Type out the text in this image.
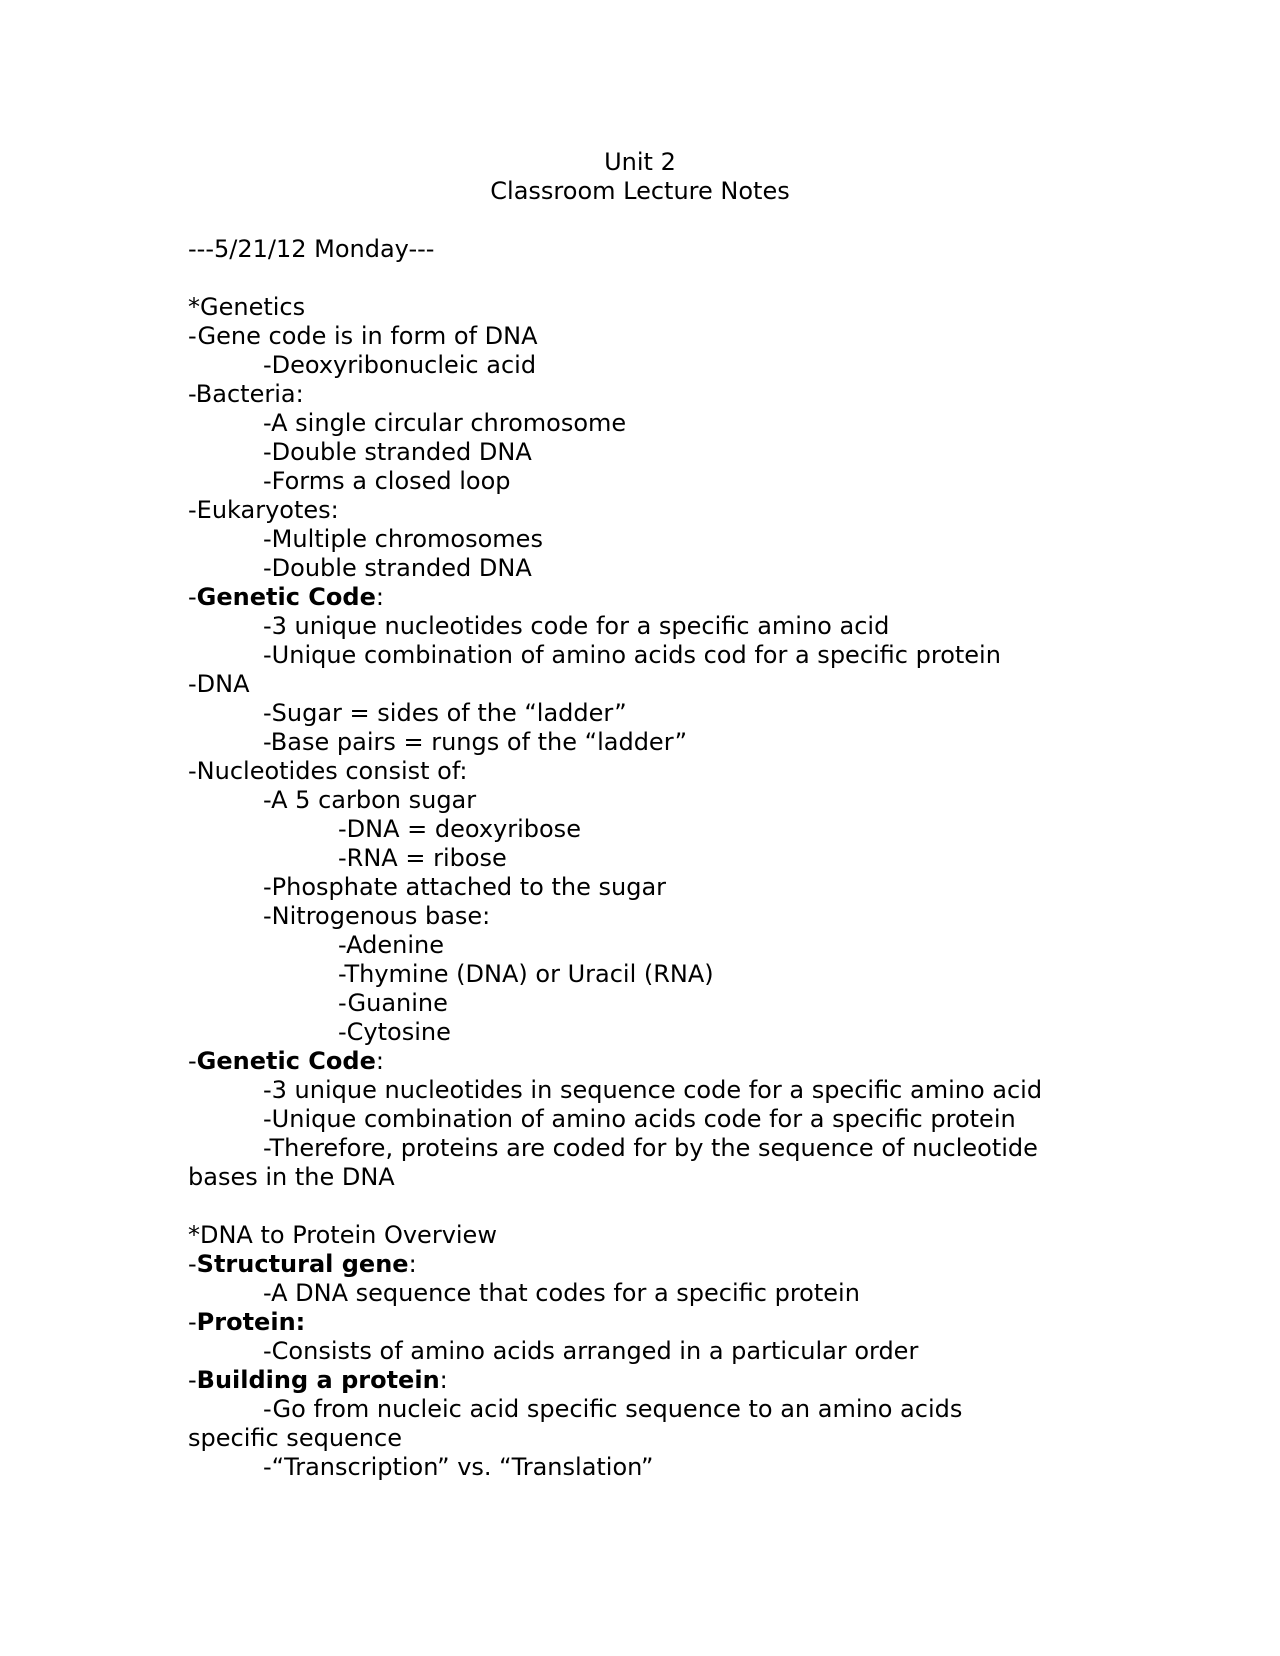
Unit 2
Classroom Lecture Notes
---5/21/12 Monday---
*Genetics
-Gene code is in form of DNA
-Deoxyribonucleic acid
-Bacteria:
-A single circular chromosome
-Double stranded DNA
-Forms a closed loop
-Eukaryotes:
-Multiple chromosomes
-Double stranded DNA
-Genetic Code:
-3 unique nucleotides code for a specific amino acid
-Unique combination of amino acids cod for a specific protein
-DNA
-Sugar = sides of the “ladder”
-Base pairs = rungs of the “ladder”
-Nucleotides consist of:
-A 5 carbon sugar
-DNA = deoxyribose
-RNA = ribose
-Phosphate attached to the sugar
-Nitrogenous base:
-Adenine
-Thymine (DNA) or Uracil (RNA)
-Guanine
-Cytosine
-Genetic Code:
-3 unique nucleotides in sequence code for a specific amino acid
-Unique combination of amino acids code for a specific protein
-Therefore, proteins are coded for by the sequence of nucleotide
bases in the DNA
*DNA to Protein Overview
-Structural gene:
-A DNA sequence that codes for a specific protein
-Protein:
-Consists of amino acids arranged in a particular order
-Building a protein:
-Go from nucleic acid specific sequence to an amino acids
specific sequence
-“Transcription” vs. “Translation”
